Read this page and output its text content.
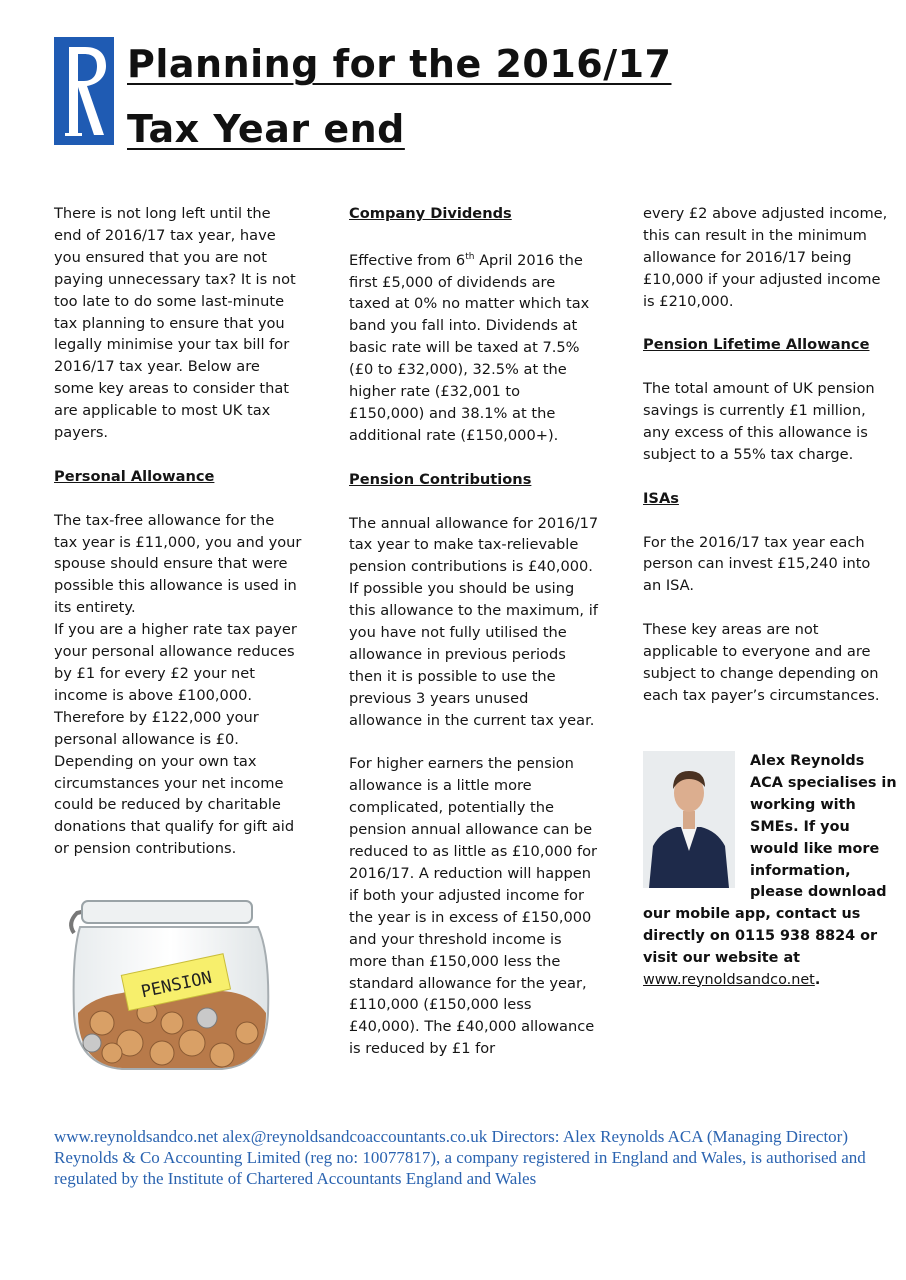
Planning for the 2016/17
Tax Year end

There is not long left until the end of 2016/17 tax year, have you ensured that you are not paying unnecessary tax? It is not too late to do some last-minute tax planning to ensure that you legally minimise your tax bill for 2016/17 tax year. Below are some key areas to consider that are applicable to most UK tax payers.

Personal Allowance

The tax-free allowance for the tax year is £11,000, you and your spouse should ensure that were possible this allowance is used in its entirety.

If you are a higher rate tax payer your personal allowance reduces by £1 for every £2 your net income is above £100,000. Therefore by £122,000 your personal allowance is £0.

Depending on your own tax circumstances your net income could be reduced by charitable donations that qualify for gift aid or pension contributions.

PENSION

Company Dividends

Effective from 6th April 2016 the first £5,000 of dividends are taxed at 0% no matter which tax band you fall into. Dividends at basic rate will be taxed at 7.5% (£0 to £32,000), 32.5% at the higher rate (£32,001 to £150,000) and 38.1% at the additional rate (£150,000+).

Pension Contributions

The annual allowance for 2016/17 tax year to make tax-relievable pension contributions is £40,000. If possible you should be using this allowance to the maximum, if you have not fully utilised the allowance in previous periods then it is possible to use the previous 3 years unused allowance in the current tax year.

For higher earners the pension allowance is a little more complicated, potentially the pension annual allowance can be reduced to as little as £10,000 for 2016/17. A reduction will happen if both your adjusted income for the year is in excess of £150,000 and your threshold income is more than £150,000 less the standard allowance for the year, £110,000 (£150,000 less £40,000). The £40,000 allowance is reduced by £1 for

every £2 above adjusted income, this can result in the minimum allowance for 2016/17 being £10,000 if your adjusted income is £210,000.

Pension Lifetime Allowance

The total amount of UK pension savings is currently £1 million, any excess of this allowance is subject to a 55% tax charge.

ISAs

For the 2016/17 tax year each person can invest £15,240 into an ISA.

These key areas are not applicable to everyone and are subject to change depending on each tax payer’s circumstances.

Alex Reynolds ACA specialises in working with SMEs. If you would like more information, please download
our mobile app, contact us directly on 0115 938 8824 or visit our website at www.reynoldsandco.net.
www.reynoldsandco.net alex@reynoldsandcoaccountants.co.uk Directors: Alex Reynolds ACA (Managing Director) Reynolds & Co Accounting Limited (reg no: 10077817), a company registered in England and Wales, is authorised and regulated by the Institute of Chartered Accountants England and Wales
